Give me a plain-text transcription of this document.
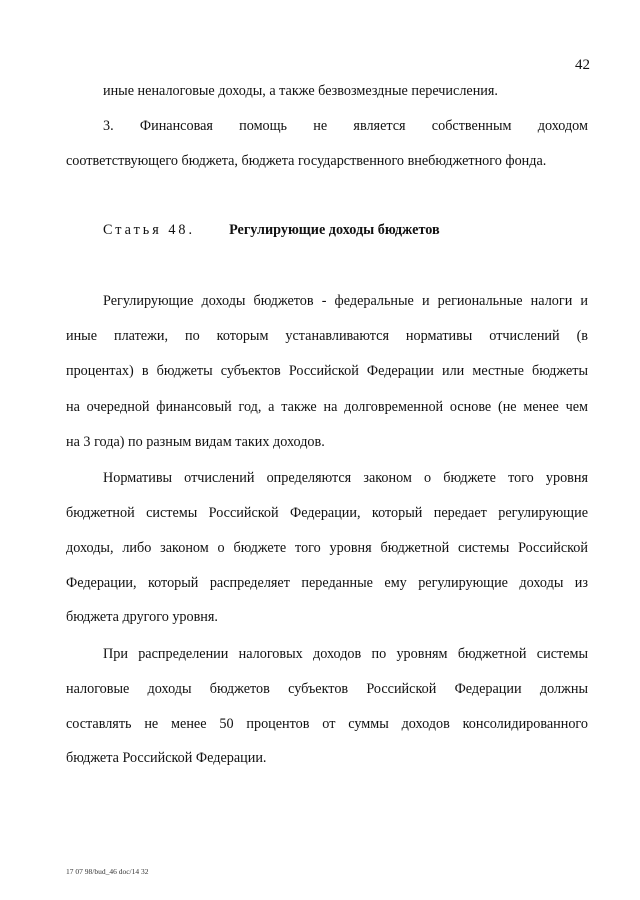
42
иные неналоговые доходы, а также безвозмездные перечисления.
3. Финансовая помощь не является собственным доходом
соответствующего бюджета, бюджета государственного внебюджетного фонда.
Статья 48. Регулирующие доходы бюджетов
Регулирующие доходы бюджетов - федеральные и региональные налоги и
иные платежи, по которым устанавливаются нормативы отчислений (в
процентах) в бюджеты субъектов Российской Федерации или местные бюджеты
на очередной финансовый год, а также на долговременной основе (не менее чем
на 3 года) по разным видам таких доходов.
Нормативы отчислений определяются законом о бюджете того уровня
бюджетной системы Российской Федерации, который передает регулирующие
доходы, либо законом о бюджете того уровня бюджетной системы Российской
Федерации, который распределяет переданные ему регулирующие доходы из
бюджета другого уровня.
При распределении налоговых доходов по уровням бюджетной системы
налоговые доходы бюджетов субъектов Российской Федерации должны
составлять не менее 50 процентов от суммы доходов консолидированного
бюджета Российской Федерации.
17 07 98/bud_46 doc/14 32
